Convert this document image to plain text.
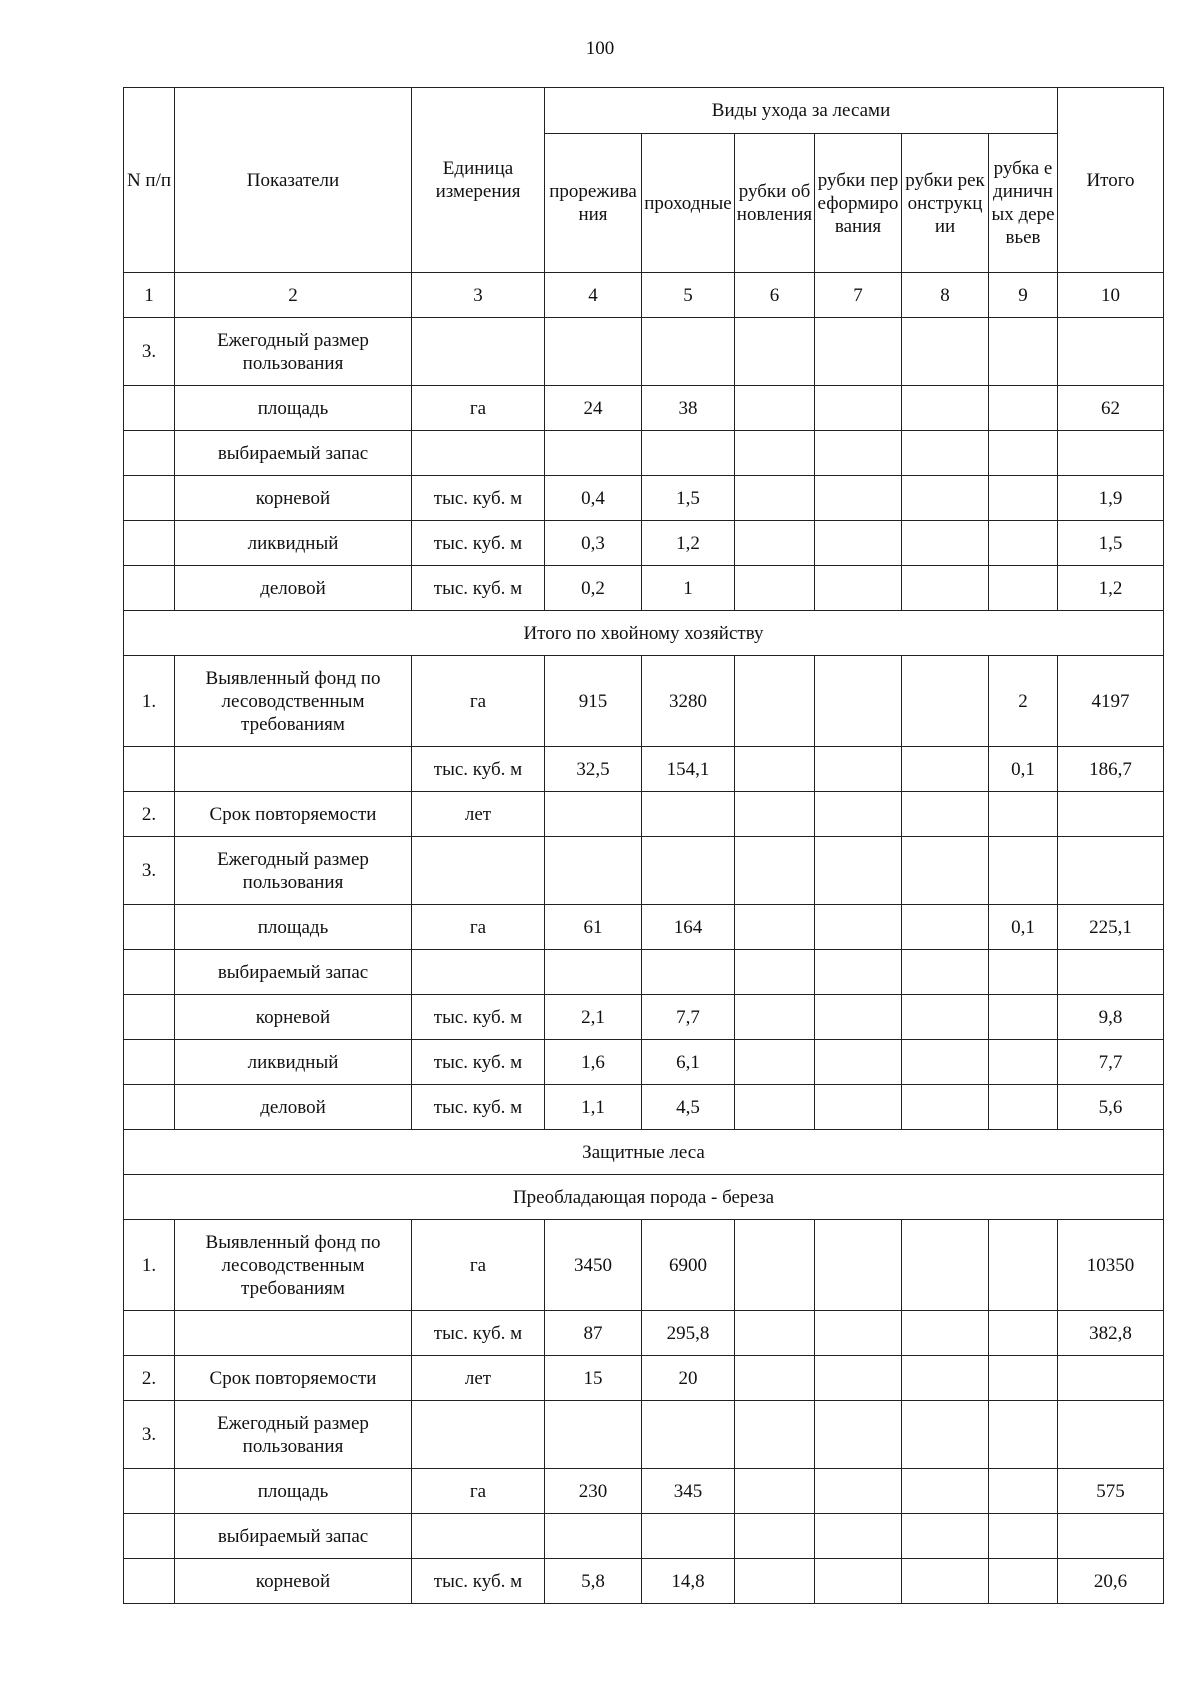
100
N п/п	Показатели	Единица измерения	Виды ухода за лесами						Итого
			прореживания	проходные	рубки обновления	рубки переформирования	рубки реконструкции	рубка единичных деревьев	
1	2	3	4	5	6	7	8	9	10
3.	Ежегодный размер пользования								
	площадь	га	24	38					62
	выбираемый запас								
	корневой	тыс. куб. м	0,4	1,5					1,9
	ликвидный	тыс. куб. м	0,3	1,2					1,5
	деловой	тыс. куб. м	0,2	1					1,2
Итого по хвойному хозяйству									
1.	Выявленный фонд по лесоводственным требованиям	га	915	3280				2	4197
		тыс. куб. м	32,5	154,1				0,1	186,7
2.	Срок повторяемости	лет							
3.	Ежегодный размер пользования								
	площадь	га	61	164				0,1	225,1
	выбираемый запас								
	корневой	тыс. куб. м	2,1	7,7					9,8
	ликвидный	тыс. куб. м	1,6	6,1					7,7
	деловой	тыс. куб. м	1,1	4,5					5,6
Защитные леса									
Преобладающая порода - береза									
1.	Выявленный фонд по лесоводственным требованиям	га	3450	6900					10350
		тыс. куб. м	87	295,8					382,8
2.	Срок повторяемости	лет	15	20					
3.	Ежегодный размер пользования								
	площадь	га	230	345					575
	выбираемый запас								
	корневой	тыс. куб. м	5,8	14,8					20,6
